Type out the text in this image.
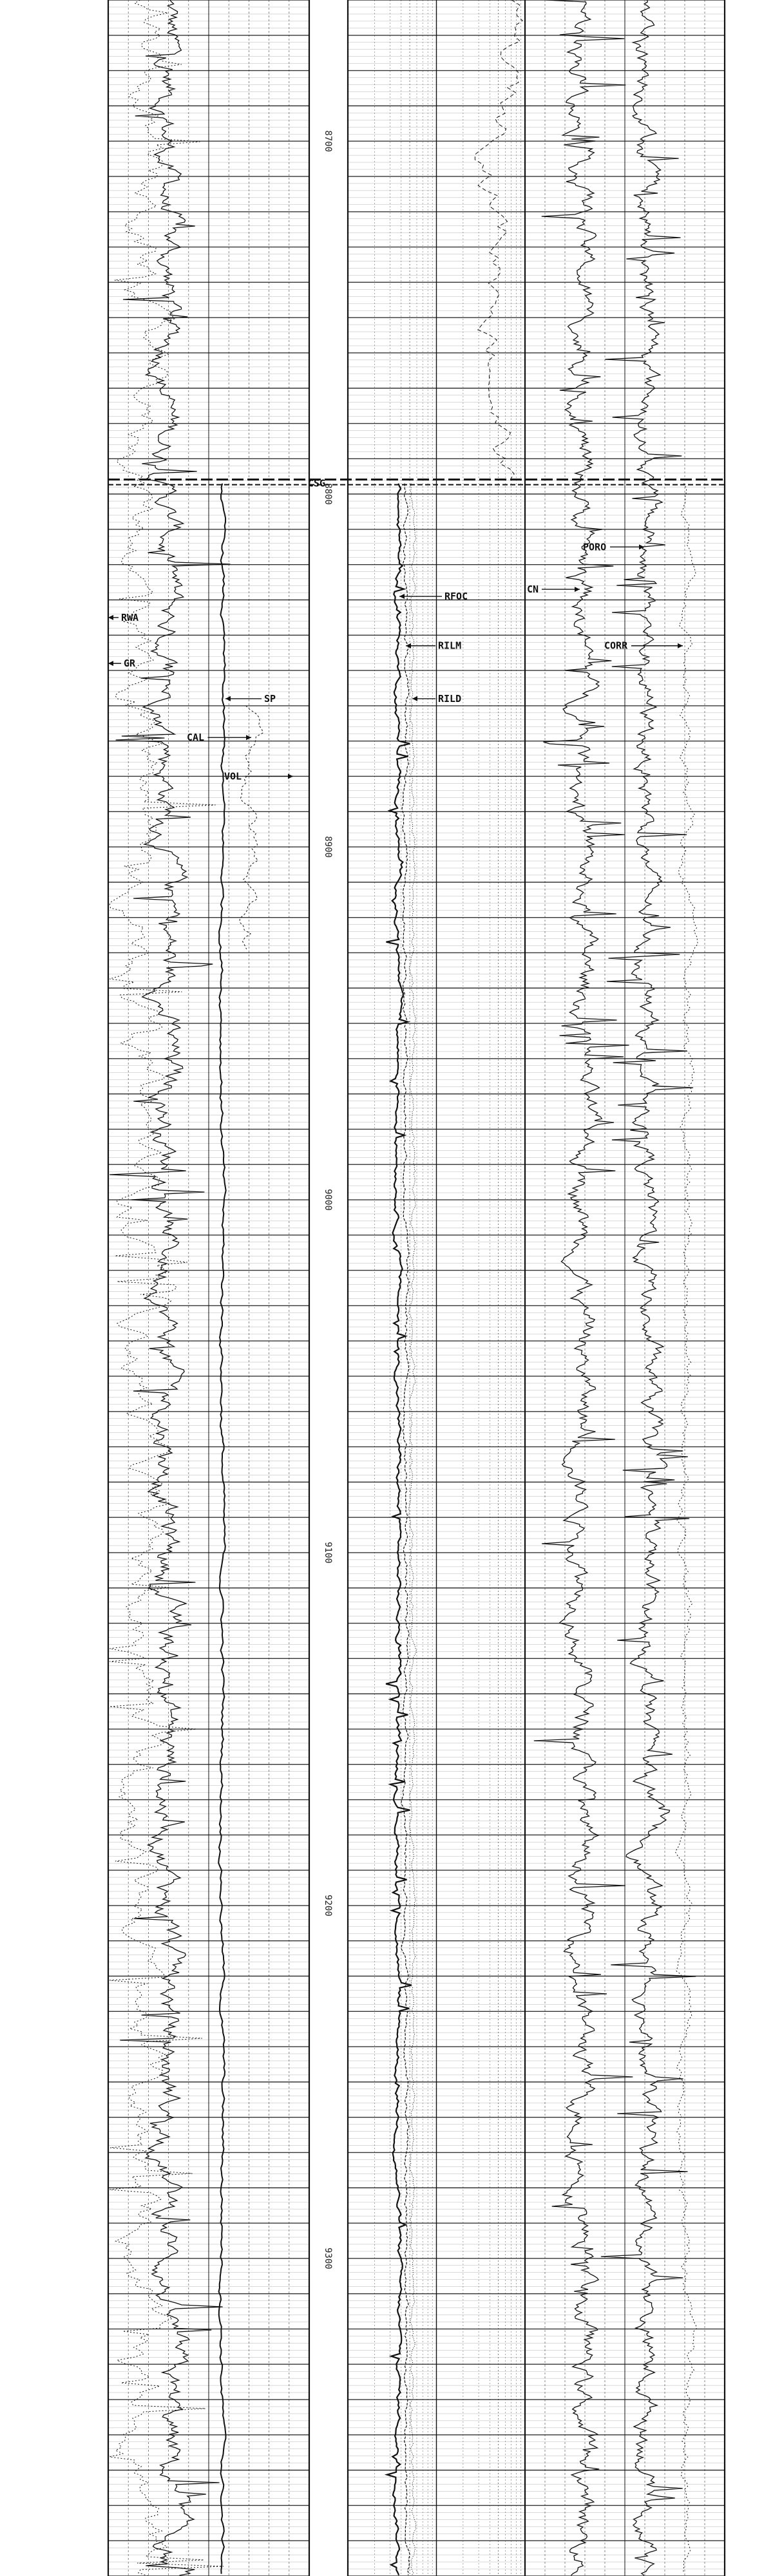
8700
8800
8900
9000
9100
9200
9300
CSG
RWA
GR
SP
CAL
VOL
RFOC
CN
RILM
RILD
PORO
CORR
